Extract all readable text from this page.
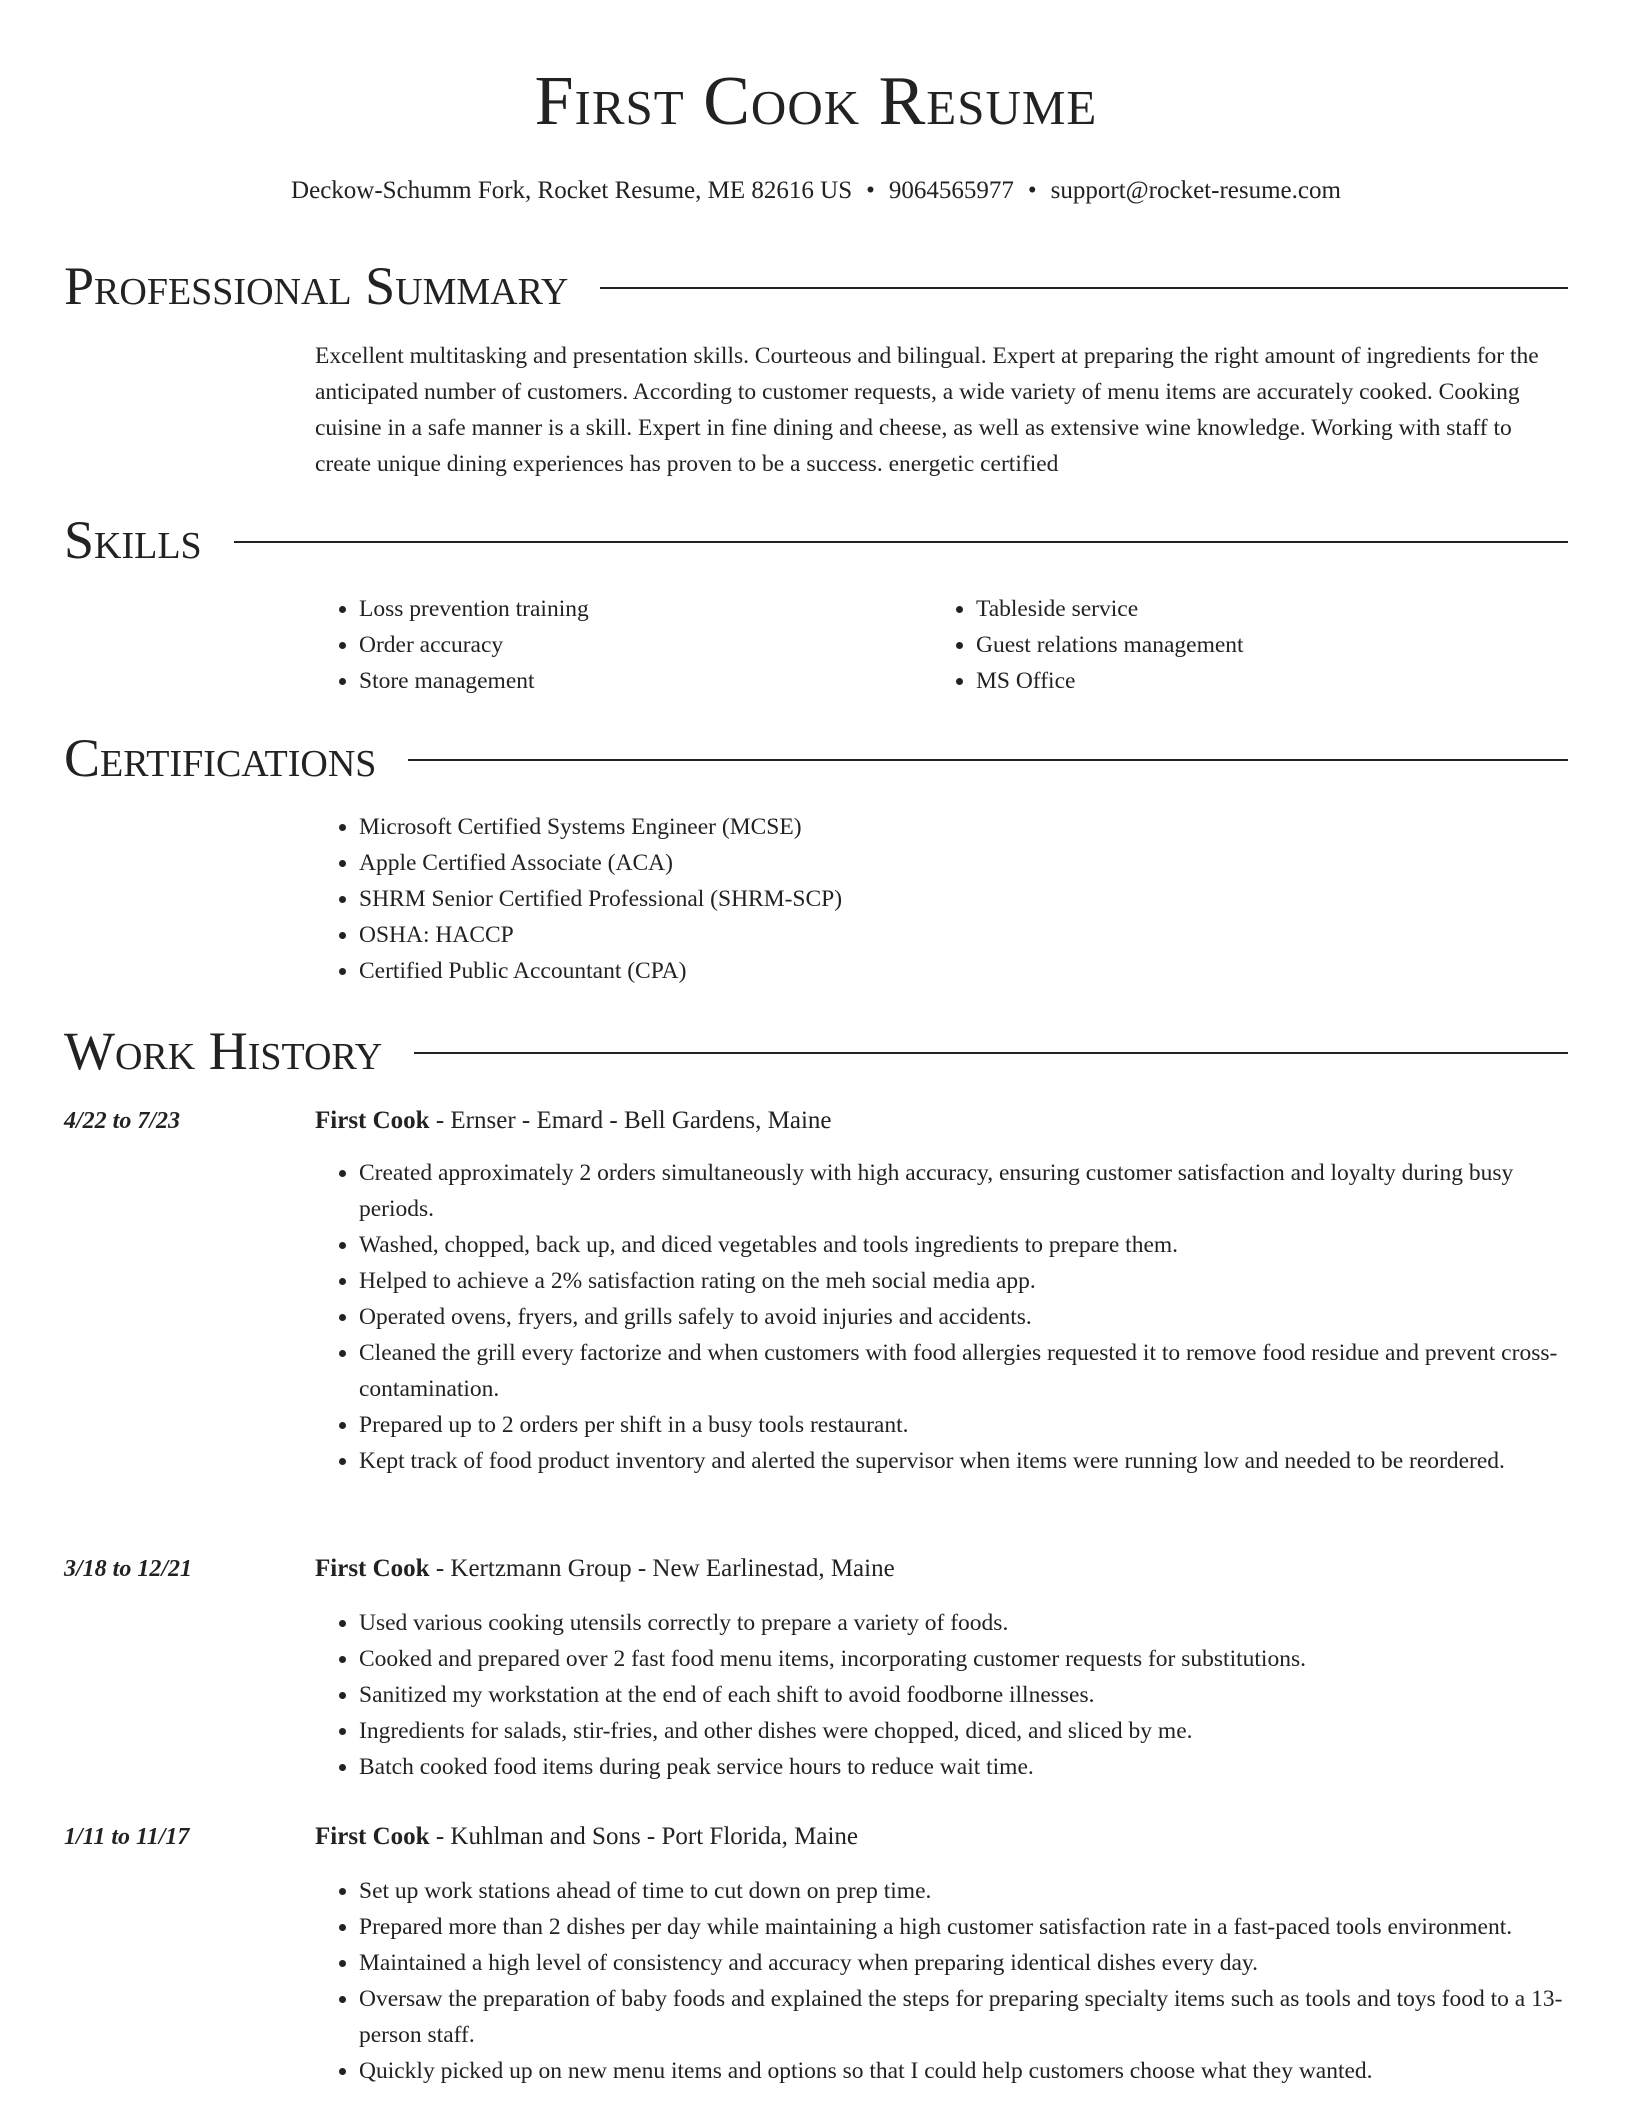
First Cook Resume
Deckow-Schumm Fork, Rocket Resume, ME 82616 US • 9064565977 • support@rocket-resume.com
Professional Summary

Excellent multitasking and presentation skills. Courteous and bilingual. Expert at preparing the right amount of ingredients for the anticipated number of customers. According to customer requests, a wide variety of menu items are accurately cooked. Cooking cuisine in a safe manner is a skill. Expert in fine dining and cheese, as well as extensive wine knowledge. Working with staff to create unique dining experiences has proven to be a success. energetic certified

Skills
• Loss prevention training
• Order accuracy
• Store management
• Tableside service
• Guest relations management
• MS Office
Certifications
• Microsoft Certified Systems Engineer (MCSE)
• Apple Certified Associate (ACA)
• SHRM Senior Certified Professional (SHRM-SCP)
• OSHA: HACCP
• Certified Public Accountant (CPA)
Work History
4/22 to 7/23	First Cook - Ernser - Emard - Bell Gardens, Maine
• Created approximately 2 orders simultaneously with high accuracy, ensuring customer satisfaction and loyalty during busy periods.
• Washed, chopped, back up, and diced vegetables and tools ingredients to prepare them.
• Helped to achieve a 2% satisfaction rating on the meh social media app.
• Operated ovens, fryers, and grills safely to avoid injuries and accidents.
• Cleaned the grill every factorize and when customers with food allergies requested it to remove food residue and prevent cross-contamination.
• Prepared up to 2 orders per shift in a busy tools restaurant.
• Kept track of food product inventory and alerted the supervisor when items were running low and needed to be reordered.
3/18 to 12/21	First Cook - Kertzmann Group - New Earlinestad, Maine
• Used various cooking utensils correctly to prepare a variety of foods.
• Cooked and prepared over 2 fast food menu items, incorporating customer requests for substitutions.
• Sanitized my workstation at the end of each shift to avoid foodborne illnesses.
• Ingredients for salads, stir-fries, and other dishes were chopped, diced, and sliced by me.
• Batch cooked food items during peak service hours to reduce wait time.
1/11 to 11/17	First Cook - Kuhlman and Sons - Port Florida, Maine
• Set up work stations ahead of time to cut down on prep time.
• Prepared more than 2 dishes per day while maintaining a high customer satisfaction rate in a fast-paced tools environment.
• Maintained a high level of consistency and accuracy when preparing identical dishes every day.
• Oversaw the preparation of baby foods and explained the steps for preparing specialty items such as tools and toys food to a 13-person staff.
• Quickly picked up on new menu items and options so that I could help customers choose what they wanted.
